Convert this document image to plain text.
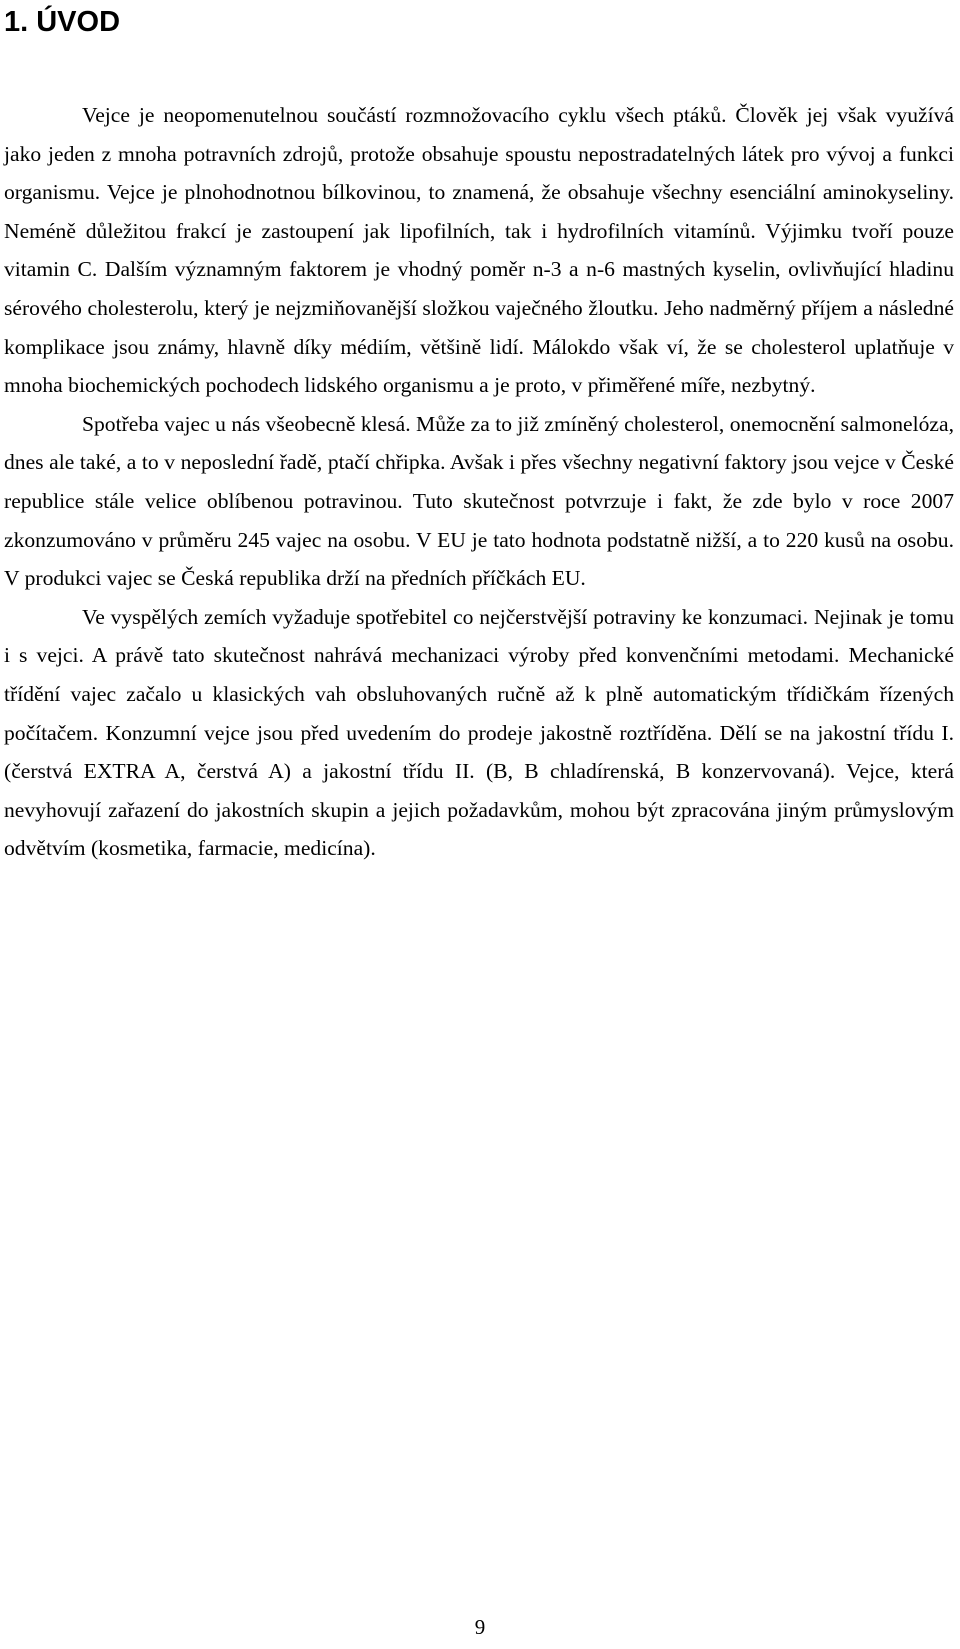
1. ÚVOD

Vejce je neopomenutelnou součástí rozmnožovacího cyklu všech ptáků. Člověk jej však využívá jako jeden z mnoha potravních zdrojů, protože obsahuje spoustu nepostradatelných látek pro vývoj a funkci organismu. Vejce je plnohodnotnou bílkovinou, to znamená, že obsahuje všechny esenciální aminokyseliny. Neméně důležitou frakcí je zastoupení jak lipofilních, tak i hydrofilních vitamínů. Výjimku tvoří pouze vitamin C. Dalším významným faktorem je vhodný poměr n-3 a n-6 mastných kyselin, ovlivňující hladinu sérového cholesterolu, který je nejzmiňovanější složkou vaječného žloutku. Jeho nadměrný příjem a následné komplikace jsou známy, hlavně díky médiím, většině lidí. Málokdo však ví, že se cholesterol uplatňuje v mnoha biochemických pochodech lidského organismu a je proto, v přiměřené míře, nezbytný.

Spotřeba vajec u nás všeobecně klesá. Může za to již zmíněný cholesterol, onemocnění salmonelóza, dnes ale také, a to v neposlední řadě, ptačí chřipka. Avšak i přes všechny negativní faktory jsou vejce v České republice stále velice oblíbenou potravinou. Tuto skutečnost potvrzuje i fakt, že zde bylo v roce 2007 zkonzumováno v průměru 245 vajec na osobu. V EU je tato hodnota podstatně nižší, a to 220 kusů na osobu. V produkci vajec se Česká republika drží na předních příčkách EU.

Ve vyspělých zemích vyžaduje spotřebitel co nejčerstvější potraviny ke konzumaci. Nejinak je tomu i s vejci. A právě tato skutečnost nahrává mechanizaci výroby před konvenčními metodami. Mechanické třídění vajec začalo u klasických vah obsluhovaných ručně až k plně automatickým třídičkám řízených počítačem. Konzumní vejce jsou před uvedením do prodeje jakostně roztříděna. Dělí se na jakostní třídu I. (čerstvá EXTRA A, čerstvá A) a jakostní třídu II. (B, B chladírenská, B konzervovaná). Vejce, která nevyhovují zařazení do jakostních skupin a jejich požadavkům, mohou být zpracována jiným průmyslovým odvětvím (kosmetika, farmacie, medicína).

9
